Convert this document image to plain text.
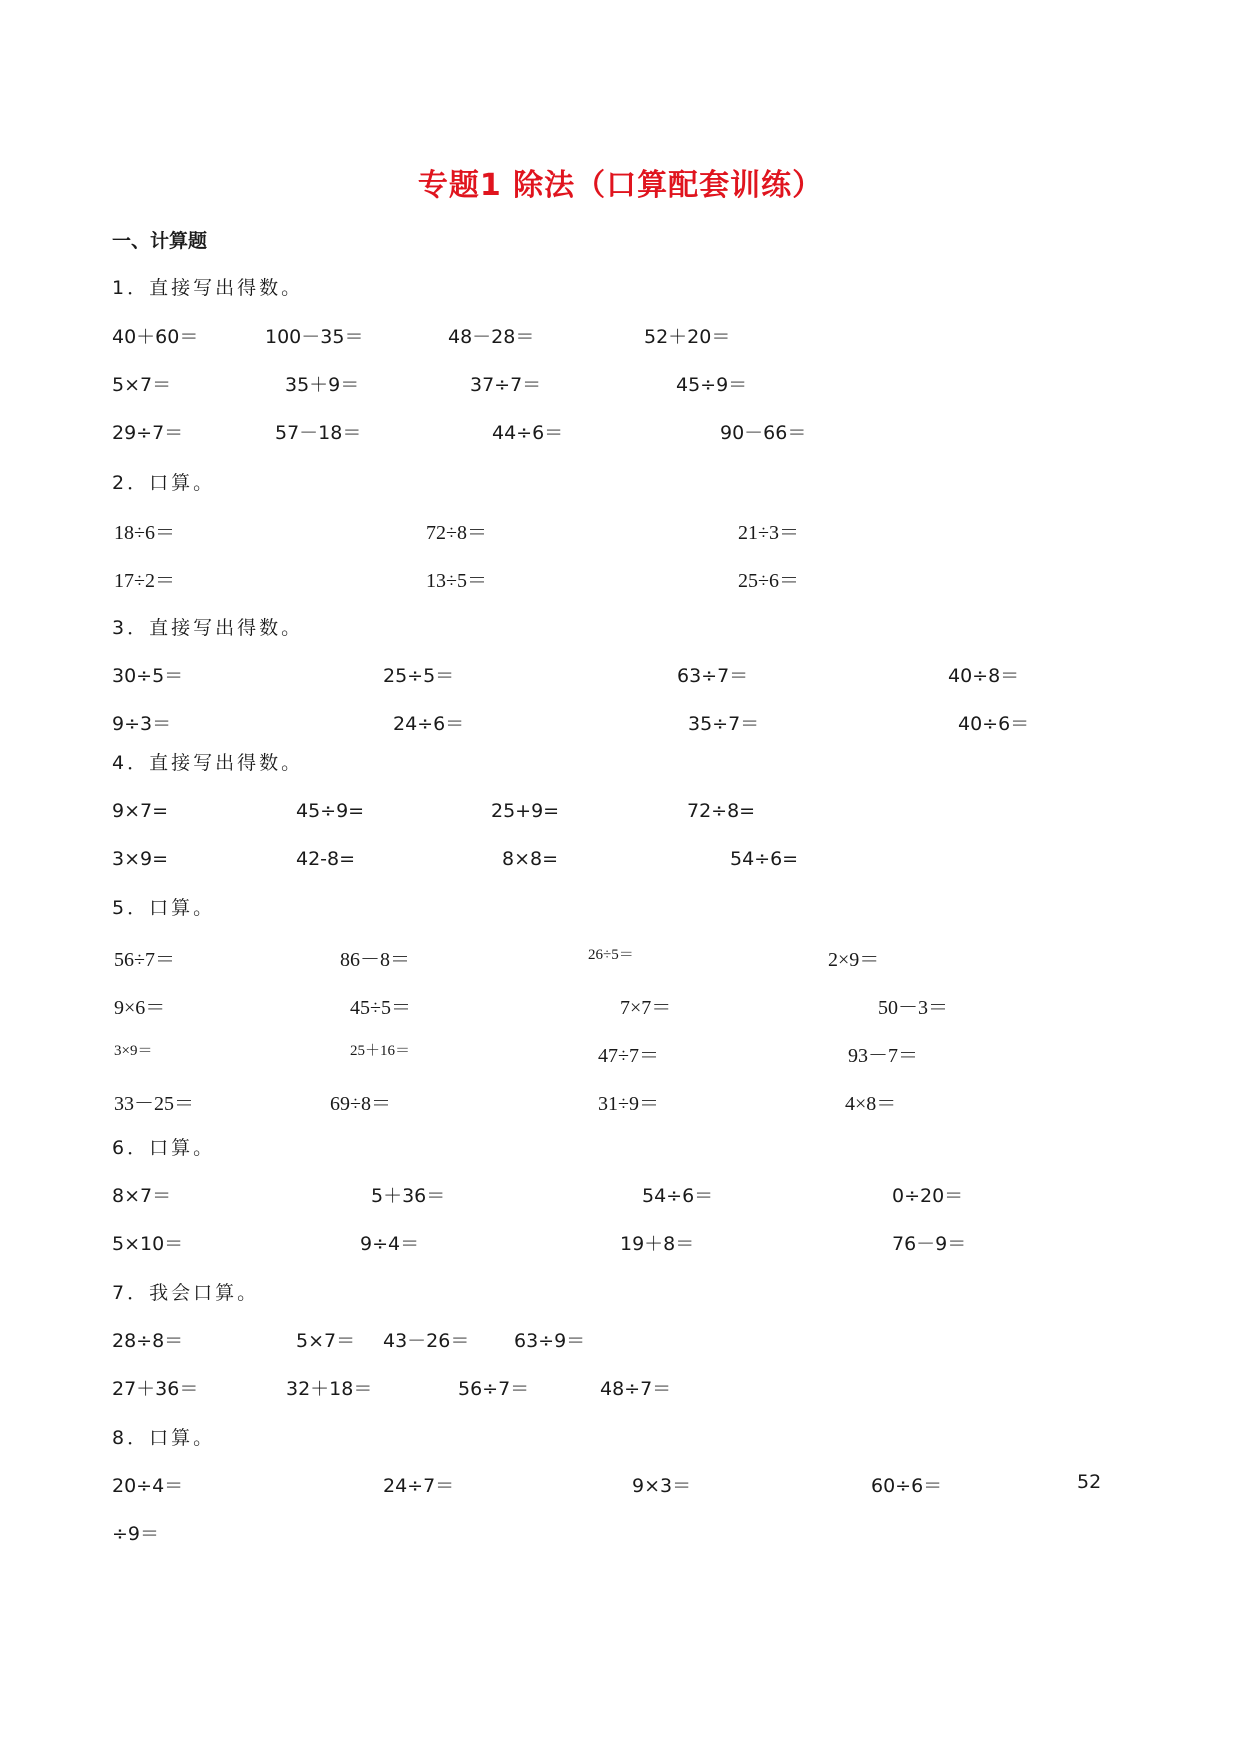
专题1 除法（口算配套训练）
一、计算题
1．直接写出得数。
40＋60＝	100－35＝	48－28＝	52＋20＝
5×7＝	35＋9＝	37÷7＝	45÷9＝
29÷7＝	57－18＝	44÷6＝	90－66＝
2．口算。
18÷6＝	72÷8＝	21÷3＝
17÷2＝	13÷5＝	25÷6＝
3．直接写出得数。
30÷5＝	25÷5＝	63÷7＝	40÷8＝
9÷3＝	24÷6＝	35÷7＝	40÷6＝
4．直接写出得数。
9×7=	45÷9=	25+9=	72÷8=
3×9=	42-8=	8×8=	54÷6=
5．口算。
56÷7＝	86－8＝	26÷5＝	2×9＝
9×6＝	45÷5＝	7×7＝	50－3＝
3×9＝	25＋16＝	47÷7＝	93－7＝
33－25＝	69÷8＝	31÷9＝	4×8＝
6．口算。
8×7＝	5＋36＝	54÷6＝	0÷20＝
5×10＝	9÷4＝	19＋8＝	76－9＝
7．我会口算。
28÷8＝	5×7＝ 43－26＝ 63÷9＝
27＋36＝	32＋18＝	56÷7＝	48÷7＝
8．口算。
20÷4＝	24÷7＝	9×3＝	60÷6＝	52
÷9＝
